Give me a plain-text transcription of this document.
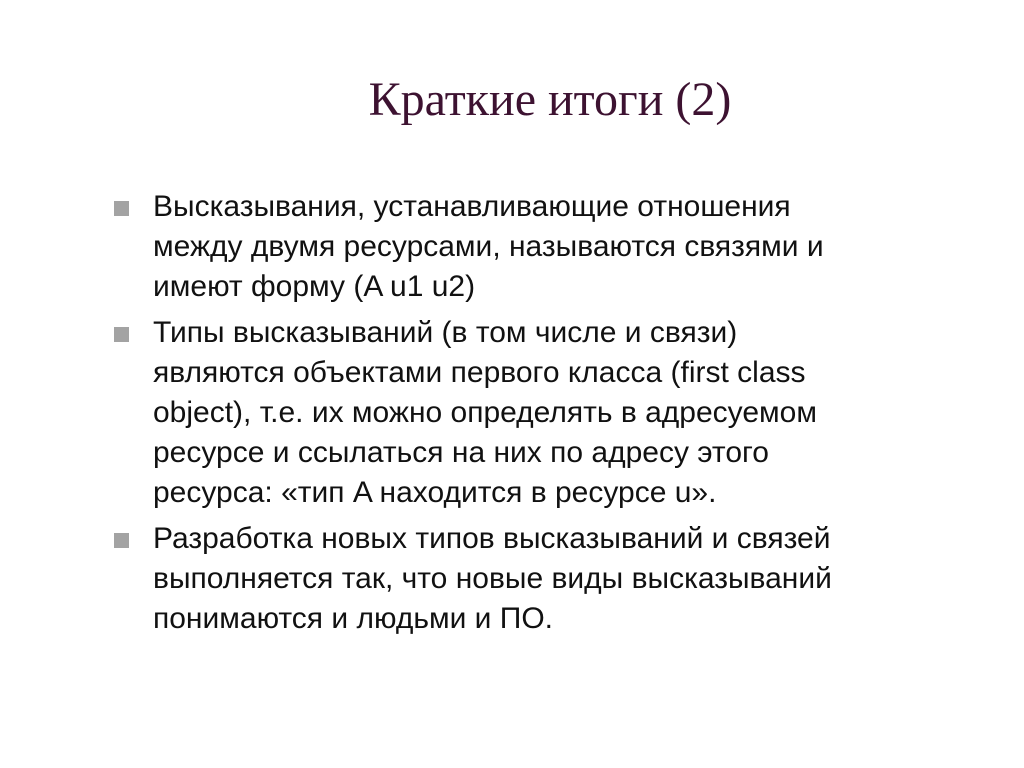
Краткие итоги (2)
Высказывания, устанавливающие отношения
между двумя ресурсами, называются связями и
имеют форму (A u1 u2)
Типы высказываний (в том числе и связи)
являются объектами первого класса (first class
object), т.е. их можно определять в адресуемом
ресурсе и ссылаться на них по адресу этого
ресурса: «тип A находится в ресурсе u».
Разработка новых типов высказываний и связей
выполняется так, что новые виды высказываний
понимаются и людьми и ПО.
